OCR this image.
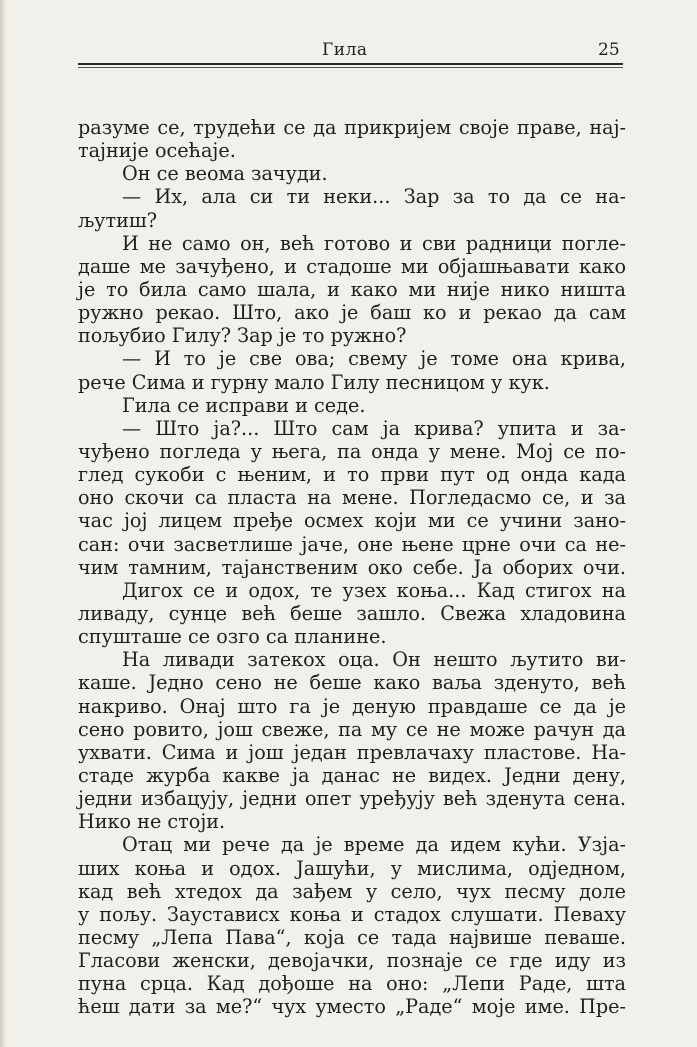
Гила	25
разуме се, трудећи се да прикријем своје праве, нај-
тајније осећаје.
Он се веома зачуди.
— Их, ала си ти неки... Зар за то да се на-
љутиш?
И не само он, већ готово и сви радници погле-
даше ме зачуђено, и стадоше ми објашњавати како
је то била само шала, и како ми није нико ништа
ружно рекао. Што, ако је баш ко и рекао да сам
пољубио Гилу? Зар је то ружно?
— И то је све ова; свему је томе она крива,
рече Сима и гурну мало Гилу песницом у кук.
Гила се исправи и седе.
— Што ја?... Што сам ја крива? упита и за-
чуђено погледа у њега, па онда у мене. Мој се по-
глед сукоби с њеним, и то први пут од онда када
оно скочи са пласта на мене. Погледасмо се, и за
час јој лицем пређе осмех који ми се учини зано-
сан: очи засветлише јаче, оне њене црне очи са не-
чим тамним, тајанственим око себе. Ја оборих очи.
Дигох се и одох, те узех коња... Кад стигох на
ливаду, сунце већ беше зашло. Свежа хладовина
спушташе се озго са планине.
На ливади затекох оца. Он нешто љутито ви-
каше. Једно сено не беше како ваља зденуто, већ
накриво. Онај што га је деную правдаше се да је
сено ровито, још свеже, па му се не може рачун да
ухвати. Сима и још један превлачаху пластове. На-
стаде журба какве ја данас не видех. Једни дену,
једни избацују, једни опет уређују већ зденута сена.
Нико не стоји.
Отац ми рече да је време да идем кући. Узја-
ших коња и одох. Јашући, у мислима, одједном,
кад већ хтедох да зађем у село, чух песму доле
у пољу. Заустависх коња и стадох слушати. Певаху
песму „Лепа Пава“, која се тада највише певаше.
Гласови женски, девојачки, познаје се где иду из
пуна срца. Кад дођоше на оно: „Лепи Раде, шта
ћеш дати за ме?“ чух уместо „Раде“ моје име. Пре-
